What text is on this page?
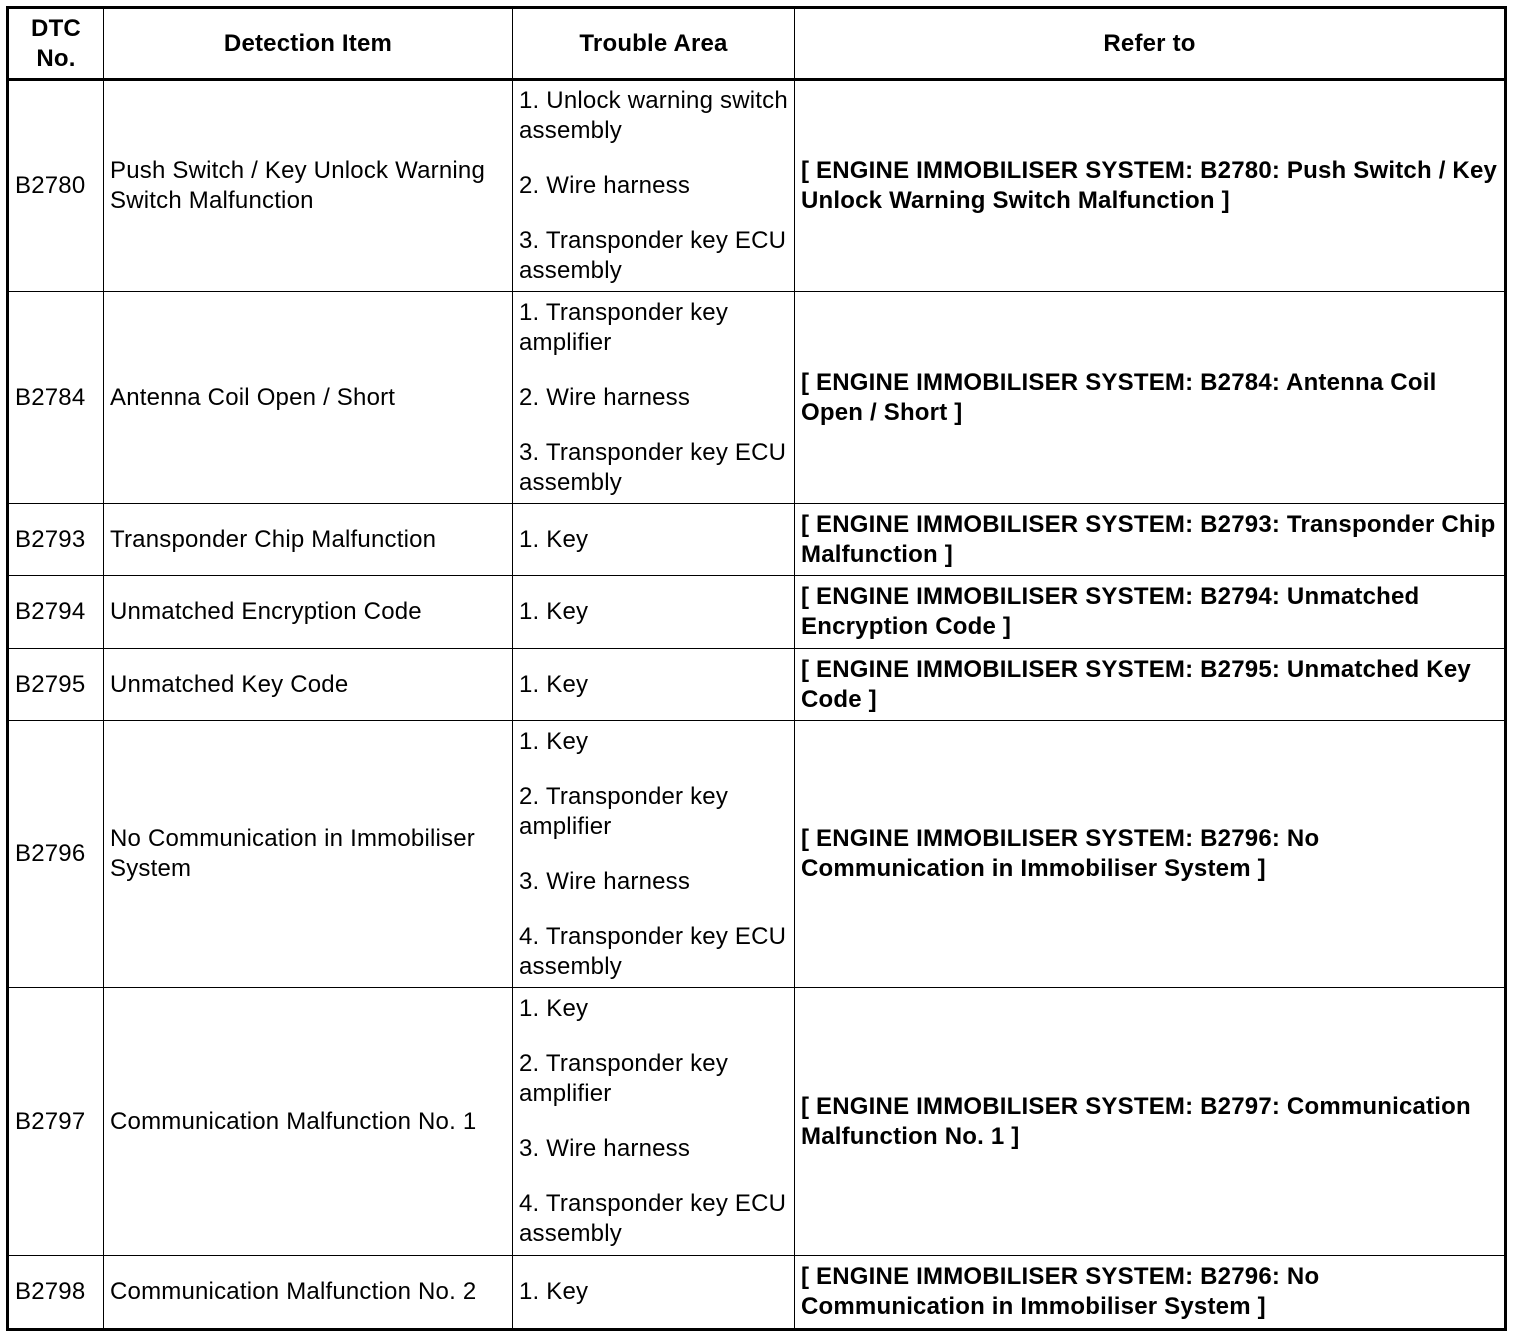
DTC No.	Detection Item	Trouble Area	Refer to
B2780	Push Switch / Key Unlock Warning Switch Malfunction	1. Unlock warning switch assembly
2. Wire harness
3. Transponder key ECU assembly	[ ENGINE IMMOBILISER SYSTEM: B2780: Push Switch / Key Unlock Warning Switch Malfunction ]
B2784	Antenna Coil Open / Short	1. Transponder key amplifier
2. Wire harness
3. Transponder key ECU assembly	[ ENGINE IMMOBILISER SYSTEM: B2784: Antenna Coil Open / Short ]
B2793	Transponder Chip Malfunction	1. Key	[ ENGINE IMMOBILISER SYSTEM: B2793: Transponder Chip Malfunction ]
B2794	Unmatched Encryption Code	1. Key	[ ENGINE IMMOBILISER SYSTEM: B2794: Unmatched Encryption Code ]
B2795	Unmatched Key Code	1. Key	[ ENGINE IMMOBILISER SYSTEM: B2795: Unmatched Key Code ]
B2796	No Communication in Immobiliser System	1. Key
2. Transponder key amplifier
3. Wire harness
4. Transponder key ECU assembly	[ ENGINE IMMOBILISER SYSTEM: B2796: No Communication in Immobiliser System ]
B2797	Communication Malfunction No. 1	1. Key
2. Transponder key amplifier
3. Wire harness
4. Transponder key ECU assembly	[ ENGINE IMMOBILISER SYSTEM: B2797: Communication Malfunction No. 1 ]
B2798	Communication Malfunction No. 2	1. Key	[ ENGINE IMMOBILISER SYSTEM: B2796: No Communication in Immobiliser System ]
